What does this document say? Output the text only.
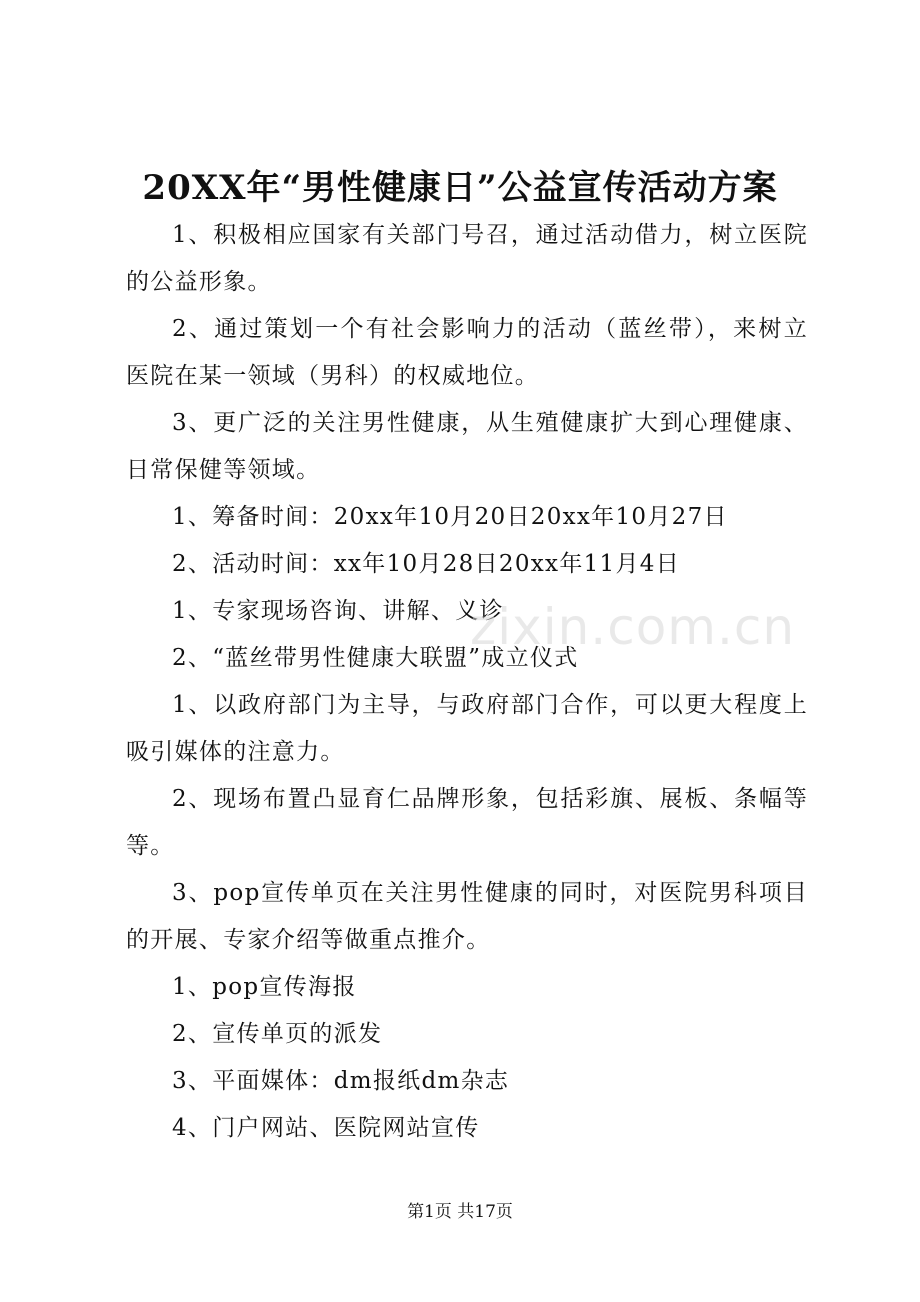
20XX年“男性健康日”公益宣传活动方案

1、积极相应国家有关部门号召，通过活动借力，树立医院的公益形象。

2、通过策划一个有社会影响力的活动（蓝丝带），来树立医院在某一领域（男科）的权威地位。

3、更广泛的关注男性健康，从生殖健康扩大到心理健康、日常保健等领域。

1、筹备时间：20xx年10月20日20xx年10月27日

2、活动时间：xx年10月28日20xx年11月4日

1、专家现场咨询、讲解、义诊

2、“蓝丝带男性健康大联盟”成立仪式

1、以政府部门为主导，与政府部门合作，可以更大程度上吸引媒体的注意力。

2、现场布置凸显育仁品牌形象，包括彩旗、展板、条幅等等。

3、pop宣传单页在关注男性健康的同时，对医院男科项目的开展、专家介绍等做重点推介。

1、pop宣传海报

2、宣传单页的派发

3、平面媒体：dm报纸dm杂志

4、门户网站、医院网站宣传

zixin.com.cn
第1页 共17页
